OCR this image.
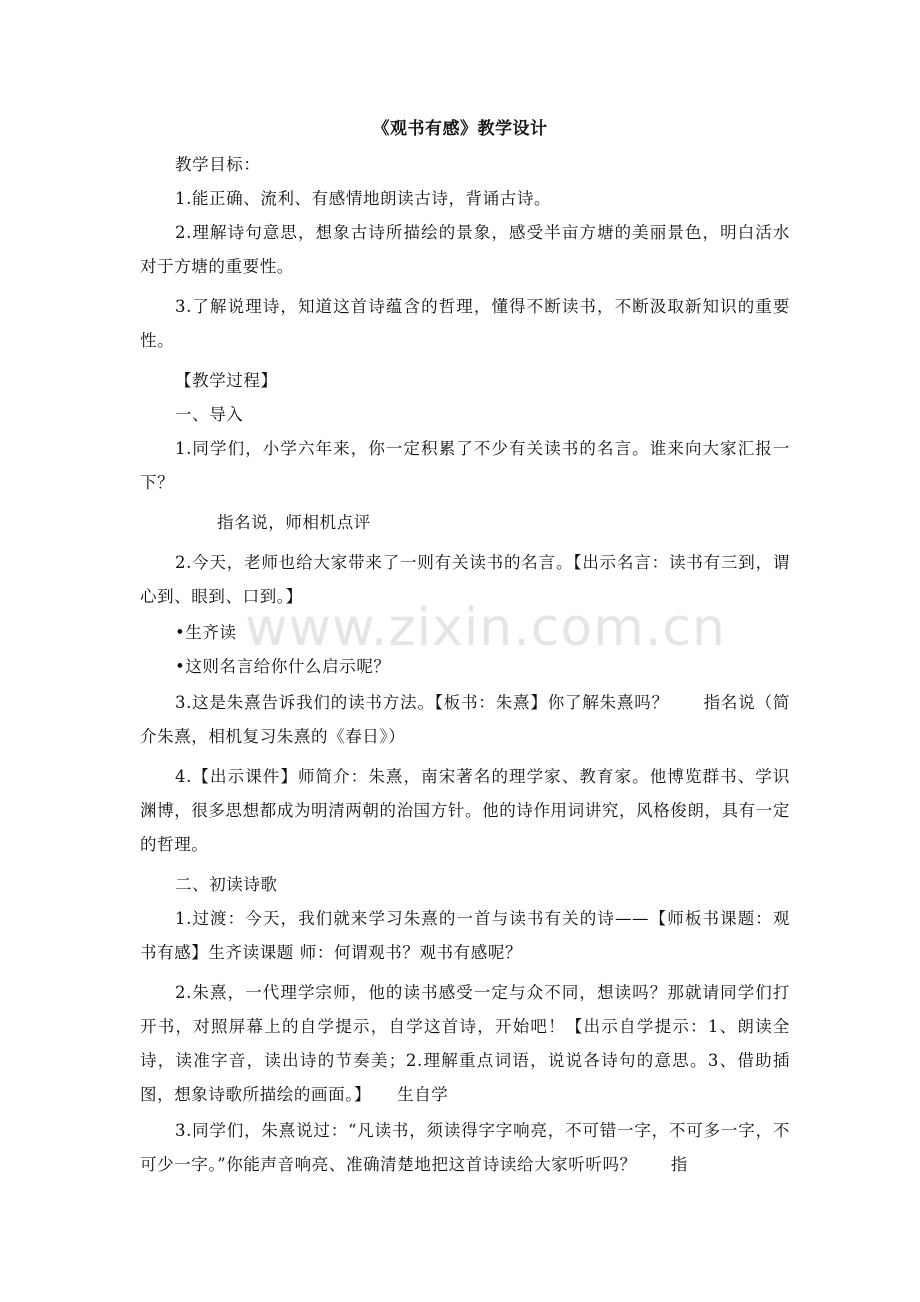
《观书有感》教学设计
教学目标：
1.能正确、流利、有感情地朗读古诗，背诵古诗。
2.理解诗句意思，想象古诗所描绘的景象，感受半亩方塘的美丽景色，明白活水对于方塘的重要性。
3.了解说理诗，知道这首诗蕴含的哲理，懂得不断读书，不断汲取新知识的重要性。
【教学过程】
一、导入
1.同学们，小学六年来，你一定积累了不少有关读书的名言。谁来向大家汇报一下？
指名说，师相机点评
2.今天，老师也给大家带来了一则有关读书的名言。【出示名言：读书有三到，谓心到、眼到、口到。】
•生齐读
•这则名言给你什么启示呢？
3.这是朱熹告诉我们的读书方法。【板书：朱熹】你了解朱熹吗？　　指名说（简介朱熹，相机复习朱熹的《春日》）
4.【出示课件】师简介：朱熹，南宋著名的理学家、教育家。他博览群书、学识渊博，很多思想都成为明清两朝的治国方针。他的诗作用词讲究，风格俊朗，具有一定的哲理。
二、初读诗歌
1.过渡：今天，我们就来学习朱熹的一首与读书有关的诗——【师板书课题：观书有感】生齐读课题 师：何谓观书？观书有感呢？
2.朱熹，一代理学宗师，他的读书感受一定与众不同，想读吗？那就请同学们打开书，对照屏幕上的自学提示，自学这首诗，开始吧！【出示自学提示：1、朗读全诗，读准字音，读出诗的节奏美；2.理解重点词语，说说各诗句的意思。3、借助插图，想象诗歌所描绘的画面。】　　生自学
3.同学们，朱熹说过：“凡读书，须读得字字响亮，不可错一字，不可多一字，不可少一字。”你能声音响亮、准确清楚地把这首诗读给大家听听吗？　　指
www.zixin.com.cn
